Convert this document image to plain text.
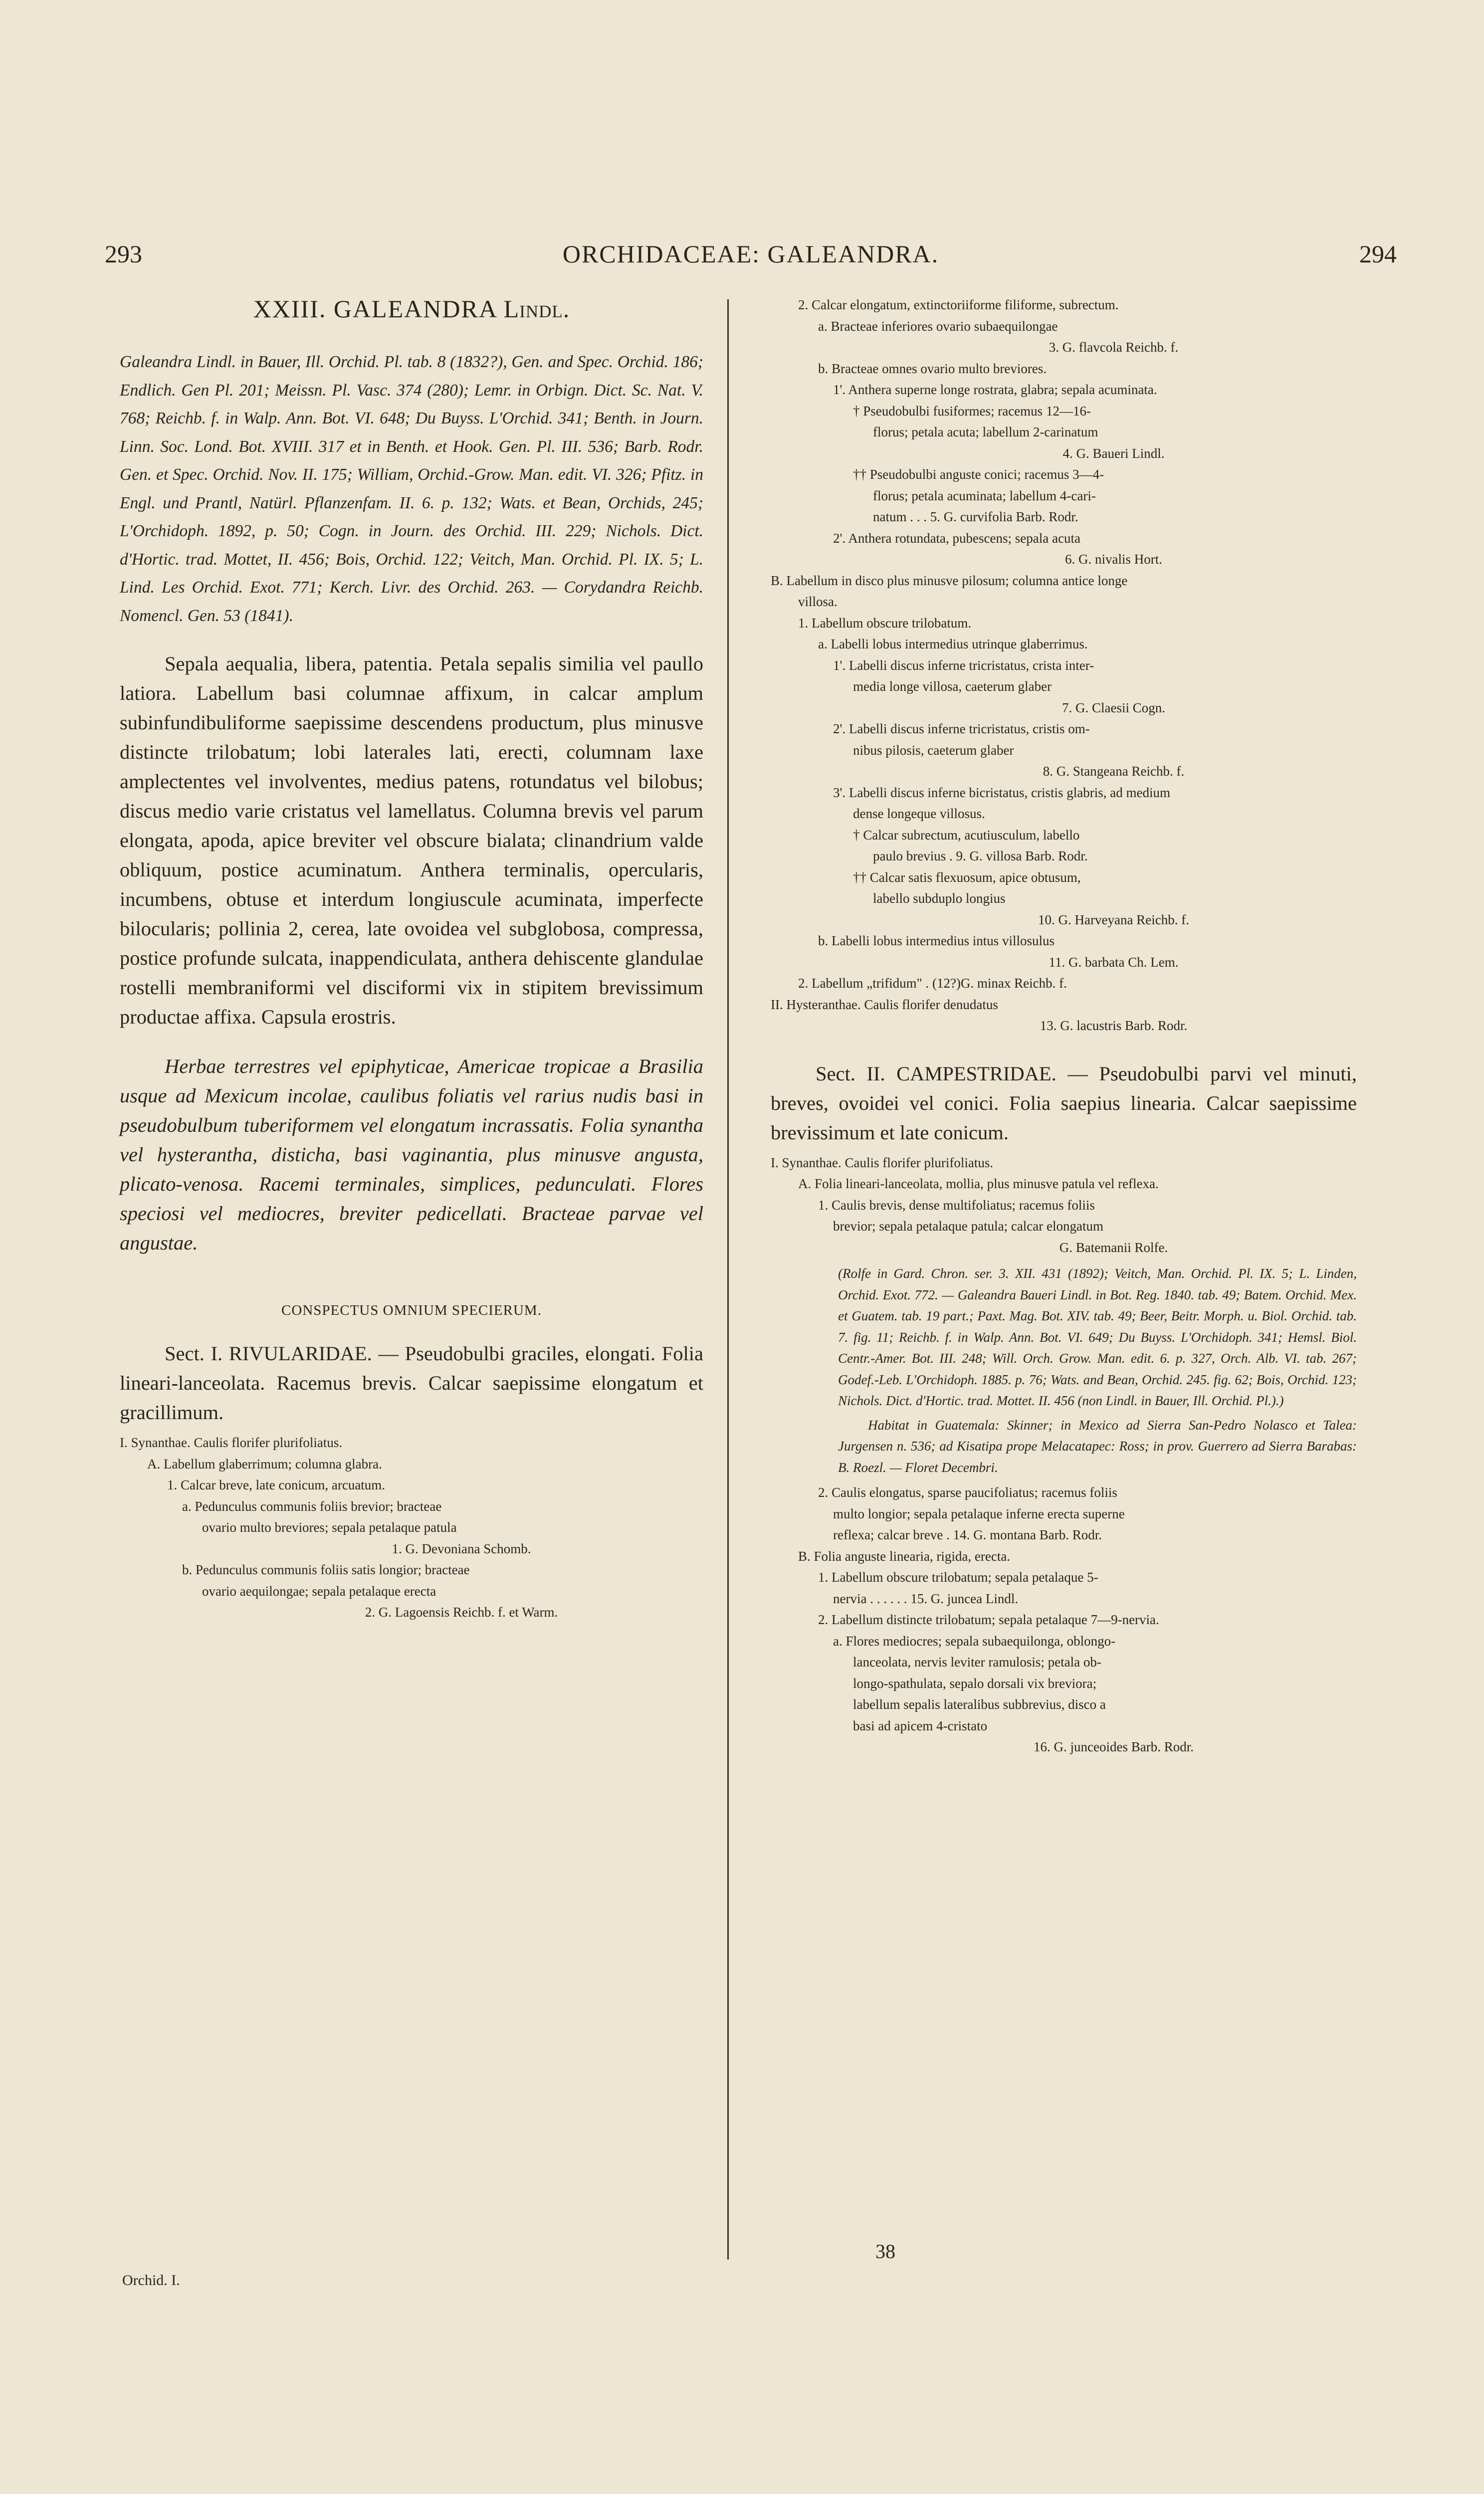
293	ORCHIDACEAE: GALEANDRA.	294
XXIII. GALEANDRA Lindl.

Galeandra Lindl. in Bauer, Ill. Orchid. Pl. tab. 8 (1832?), Gen. and Spec. Orchid. 186; Endlich. Gen Pl. 201; Meissn. Pl. Vasc. 374 (280); Lemr. in Orbign. Dict. Sc. Nat. V. 768; Reichb. f. in Walp. Ann. Bot. VI. 648; Du Buyss. L'Orchid. 341; Benth. in Journ. Linn. Soc. Lond. Bot. XVIII. 317 et in Benth. et Hook. Gen. Pl. III. 536; Barb. Rodr. Gen. et Spec. Orchid. Nov. II. 175; William, Orchid.-Grow. Man. edit. VI. 326; Pfitz. in Engl. und Prantl, Natürl. Pflanzenfam. II. 6. p. 132; Wats. et Bean, Orchids, 245; L'Orchidoph. 1892, p. 50; Cogn. in Journ. des Orchid. III. 229; Nichols. Dict. d'Hortic. trad. Mottet, II. 456; Bois, Orchid. 122; Veitch, Man. Orchid. Pl. IX. 5; L. Lind. Les Orchid. Exot. 771; Kerch. Livr. des Orchid. 263. — Corydandra Reichb. Nomencl. Gen. 53 (1841).

Sepala aequalia, libera, patentia. Petala sepalis similia vel paullo latiora. Labellum basi columnae affixum, in calcar amplum subinfundibuliforme saepissime descendens productum, plus minusve distincte trilobatum; lobi laterales lati, erecti, columnam laxe amplectentes vel involventes, medius patens, rotundatus vel bilobus; discus medio varie cristatus vel lamellatus. Columna brevis vel parum elongata, apoda, apice breviter vel obscure bialata; clinandrium valde obliquum, postice acuminatum. Anthera terminalis, opercularis, incumbens, obtuse et interdum longiuscule acuminata, imperfecte bilocularis; pollinia 2, cerea, late ovoidea vel subglobosa, compressa, postice profunde sulcata, inappendiculata, anthera dehiscente glandulae rostelli membraniformi vel disciformi vix in stipitem brevissimum productae affixa. Capsula erostris.

Herbae terrestres vel epiphyticae, Americae tropicae a Brasilia usque ad Mexicum incolae, caulibus foliatis vel rarius nudis basi in pseudobulbum tuberiformem vel elongatum incrassatis. Folia synantha vel hysterantha, disticha, basi vaginantia, plus minusve angusta, plicato-venosa. Racemi terminales, simplices, pedunculati. Flores speciosi vel mediocres, breviter pedicellati. Bracteae parvae vel angustae.

CONSPECTUS OMNIUM SPECIERUM.

Sect. I. RIVULARIDAE. — Pseudobulbi graciles, elongati. Folia lineari-lanceolata. Racemus brevis. Calcar saepissime elongatum et gracillimum.

I. Synanthae. Caulis florifer plurifoliatus.

A. Labellum glaberrimum; columna glabra.

1. Calcar breve, late conicum, arcuatum.

a. Pedunculus communis foliis brevior; bracteae

ovario multo breviores; sepala petalaque patula

1. G. Devoniana Schomb.

b. Pedunculus communis foliis satis longior; bracteae

ovario aequilongae; sepala petalaque erecta

2. G. Lagoensis Reichb. f. et Warm.

Orchid. I.

2. Calcar elongatum, extinctoriiforme filiforme, subrectum.

a. Bracteae inferiores ovario subaequilongae

3. G. flavcola Reichb. f.

b. Bracteae omnes ovario multo breviores.

1'. Anthera superne longe rostrata, glabra; sepala acuminata.

† Pseudobulbi fusiformes; racemus 12—16-

florus; petala acuta; labellum 2-carinatum

4. G. Baueri Lindl.

†† Pseudobulbi anguste conici; racemus 3—4-

florus; petala acuminata; labellum 4-cari-

natum . . . 5. G. curvifolia Barb. Rodr.

2'. Anthera rotundata, pubescens; sepala acuta

6. G. nivalis Hort.

B. Labellum in disco plus minusve pilosum; columna antice longe

villosa.

1. Labellum obscure trilobatum.

a. Labelli lobus intermedius utrinque glaberrimus.

1'. Labelli discus inferne tricristatus, crista inter-

media longe villosa, caeterum glaber

7. G. Claesii Cogn.

2'. Labelli discus inferne tricristatus, cristis om-

nibus pilosis, caeterum glaber

8. G. Stangeana Reichb. f.

3'. Labelli discus inferne bicristatus, cristis glabris, ad medium

dense longeque villosus.

† Calcar subrectum, acutiusculum, labello

paulo brevius . 9. G. villosa Barb. Rodr.

†† Calcar satis flexuosum, apice obtusum,

labello subduplo longius

10. G. Harveyana Reichb. f.

b. Labelli lobus intermedius intus villosulus

11. G. barbata Ch. Lem.

2. Labellum „trifidum" . (12?)G. minax Reichb. f.

II. Hysteranthae. Caulis florifer denudatus

13. G. lacustris Barb. Rodr.

Sect. II. CAMPESTRIDAE. — Pseudobulbi parvi vel minuti, breves, ovoidei vel conici. Folia saepius linearia. Calcar saepissime brevissimum et late conicum.

I. Synanthae. Caulis florifer plurifoliatus.

A. Folia lineari-lanceolata, mollia, plus minusve patula vel reflexa.

1. Caulis brevis, dense multifoliatus; racemus foliis

brevior; sepala petalaque patula; calcar elongatum

G. Batemanii Rolfe.

(Rolfe in Gard. Chron. ser. 3. XII. 431 (1892); Veitch, Man. Orchid. Pl. IX. 5; L. Linden, Orchid. Exot. 772. — Galeandra Baueri Lindl. in Bot. Reg. 1840. tab. 49; Batem. Orchid. Mex. et Guatem. tab. 19 part.; Paxt. Mag. Bot. XIV. tab. 49; Beer, Beitr. Morph. u. Biol. Orchid. tab. 7. fig. 11; Reichb. f. in Walp. Ann. Bot. VI. 649; Du Buyss. L'Orchidoph. 341; Hemsl. Biol. Centr.-Amer. Bot. III. 248; Will. Orch. Grow. Man. edit. 6. p. 327, Orch. Alb. VI. tab. 267; Godef.-Leb. L'Orchidoph. 1885. p. 76; Wats. and Bean, Orchid. 245. fig. 62; Bois, Orchid. 123; Nichols. Dict. d'Hortic. trad. Mottet. II. 456 (non Lindl. in Bauer, Ill. Orchid. Pl.).)

Habitat in Guatemala: Skinner; in Mexico ad Sierra San-Pedro Nolasco et Talea: Jurgensen n. 536; ad Kisatipa prope Melacatapec: Ross; in prov. Guerrero ad Sierra Barabas: B. Roezl. — Floret Decembri.

2. Caulis elongatus, sparse paucifoliatus; racemus foliis

multo longior; sepala petalaque inferne erecta superne

reflexa; calcar breve . 14. G. montana Barb. Rodr.

B. Folia anguste linearia, rigida, erecta.

1. Labellum obscure trilobatum; sepala petalaque 5-

nervia . . . . . . 15. G. juncea Lindl.

2. Labellum distincte trilobatum; sepala petalaque 7—9-nervia.

a. Flores mediocres; sepala subaequilonga, oblongo-

lanceolata, nervis leviter ramulosis; petala ob-

longo-spathulata, sepalo dorsali vix breviora;

labellum sepalis lateralibus subbrevius, disco a

basi ad apicem 4-cristato

16. G. junceoides Barb. Rodr.

38
